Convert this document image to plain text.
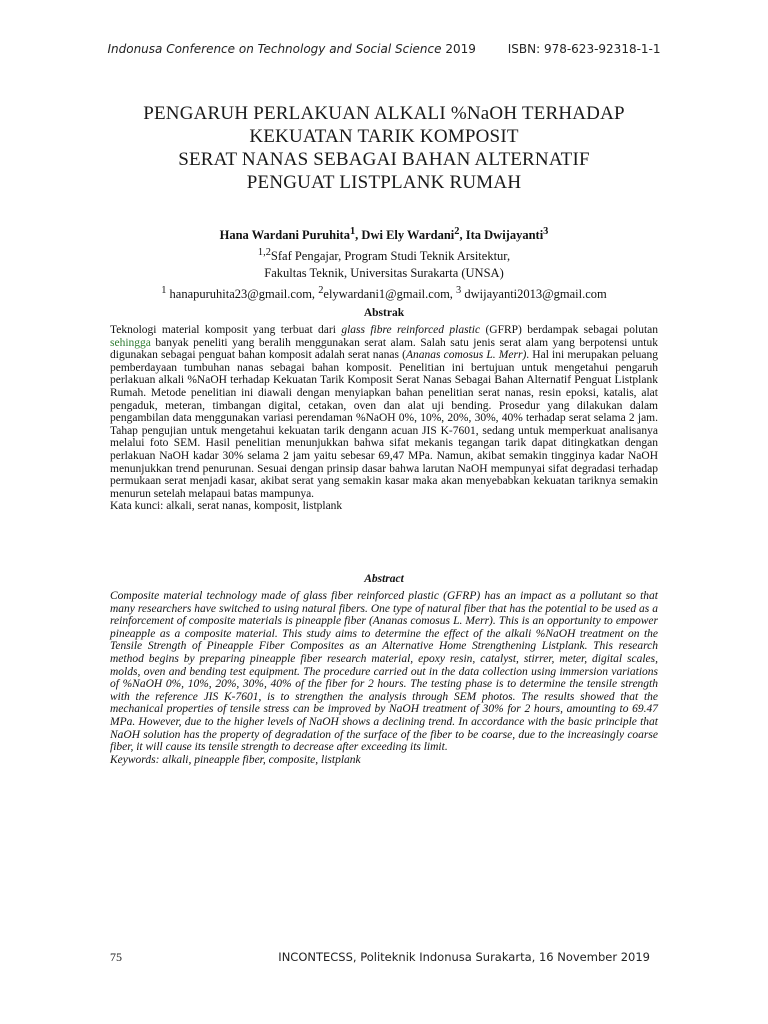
Indonusa Conference on Technology and Social Science 2019	ISBN: 978-623-92318-1-1
PENGARUH PERLAKUAN ALKALI %NaOH TERHADAP
KEKUATAN TARIK KOMPOSIT
SERAT NANAS SEBAGAI BAHAN ALTERNATIF
PENGUAT LISTPLANK RUMAH
Hana Wardani Puruhita$^1$, Dwi Ely Wardani$^2$, Ita Dwijayanti$^3$
$^{1,2}$Sfaf Pengajar, Program Studi Teknik Arsitektur,
Fakultas Teknik, Universitas Surakarta (UNSA)
$^1$ hanapuruhita23@gmail.com, $^2$elywardani1@gmail.com, $^3$ dwijayanti2013@gmail.com
Abstrak

Teknologi material komposit yang terbuat dari glass fibre reinforced plastic (GFRP) berdampak sebagai polutan sehingga banyak peneliti yang beralih menggunakan serat alam. Salah satu jenis serat alam yang berpotensi untuk digunakan sebagai penguat bahan komposit adalah serat nanas (Ananas comosus L. Merr). Hal ini merupakan peluang pemberdayaan tumbuhan nanas sebagai bahan komposit. Penelitian ini bertujuan untuk mengetahui pengaruh perlakuan alkali %NaOH terhadap Kekuatan Tarik Komposit Serat Nanas Sebagai Bahan Alternatif Penguat Listplank Rumah. Metode penelitian ini diawali dengan menyiapkan bahan penelitian serat nanas, resin epoksi, katalis, alat pengaduk, meteran, timbangan digital, cetakan, oven dan alat uji bending. Prosedur yang dilakukan dalam pengambilan data menggunakan variasi perendaman %NaOH 0%, 10%, 20%, 30%, 40% terhadap serat selama 2 jam. Tahap pengujian untuk mengetahui kekuatan tarik dengann acuan JIS K-7601, sedang untuk memperkuat analisanya melalui foto SEM. Hasil penelitian menunjukkan bahwa sifat mekanis tegangan tarik dapat ditingkatkan dengan perlakuan NaOH kadar 30% selama 2 jam yaitu sebesar 69,47 MPa. Namun, akibat semakin tingginya kadar NaOH menunjukkan trend penurunan. Sesuai dengan prinsip dasar bahwa larutan NaOH mempunyai sifat degradasi terhadap permukaan serat menjadi kasar, akibat serat yang semakin kasar maka akan menyebabkan kekuatan tariknya semakin menurun setelah melapaui batas mampunya.

Kata kunci: alkali, serat nanas, komposit, listplank

Abstract

Composite material technology made of glass fiber reinforced plastic (GFRP) has an impact as a pollutant so that many researchers have switched to using natural fibers. One type of natural fiber that has the potential to be used as a reinforcement of composite materials is pineapple fiber (Ananas comosus L. Merr). This is an opportunity to empower pineapple as a composite material. This study aims to determine the effect of the alkali %NaOH treatment on the Tensile Strength of Pineapple Fiber Composites as an Alternative Home Strengthening Listplank. This research method begins by preparing pineapple fiber research material, epoxy resin, catalyst, stirrer, meter, digital scales, molds, oven and bending test equipment. The procedure carried out in the data collection using immersion variations of %NaOH 0%, 10%, 20%, 30%, 40% of the fiber for 2 hours. The testing phase is to determine the tensile strength with the reference JIS K-7601, is to strengthen the analysis through SEM photos. The results showed that the mechanical properties of tensile stress can be improved by NaOH treatment of 30% for 2 hours, amounting to 69.47 MPa. However, due to the higher levels of NaOH shows a declining trend. In accordance with the basic principle that NaOH solution has the property of degradation of the surface of the fiber to be coarse, due to the increasingly coarse fiber, it will cause its tensile strength to decrease after exceeding its limit.

Keywords: alkali, pineapple fiber, composite, listplank

75	INCONTECSS, Politeknik Indonusa Surakarta, 16 November 2019
